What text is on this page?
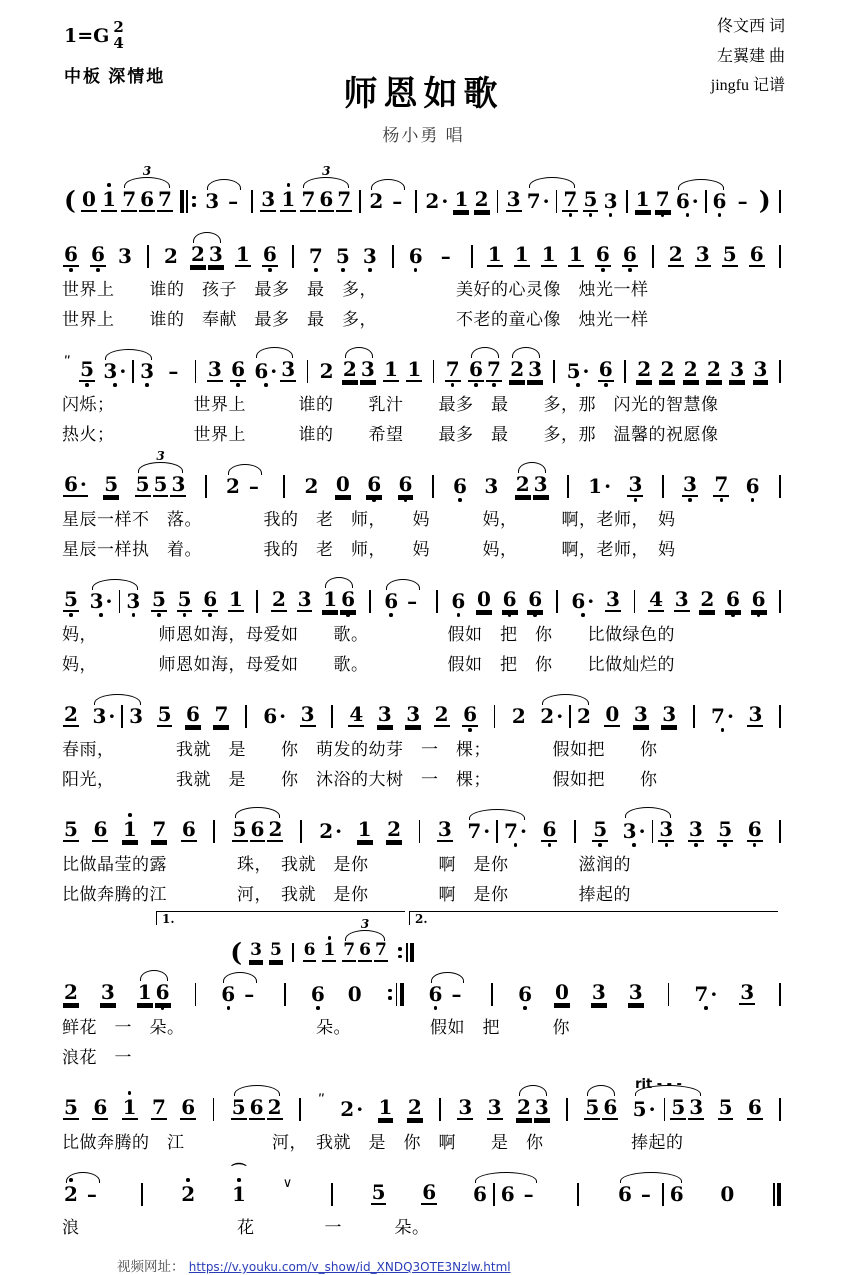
1=G 2
4
中板 深情地	师恩如歌
杨小勇 唱
佟文西 词
左翼建 曲
jingfu 记谱
( 0 1 7 6 7
3 3 –	3 1 7 6 7
3 2 –	2 · 1 2 3 7 · 7 5 3 1 7 6 · 6 – )
6 6 3 2 2 3 1 6 7 5 3 6 –	1 1 1 1 6 6 2 3 5 6
世界上　　谁的　孩子　最多　最　多，　　　　　美好的心灵像　烛光一样
世界上　　谁的　奉献　最多　最　多，　　　　　不老的童心像　烛光一样
ʺ 5 3 · 3 –	3 6 6 · 3 2 2 3 1 1 7 6 7 2 3 5 · 6 2 2 2 2 3 3
闪烁；　　　　　世界上　　　谁的　　乳汁　　最多　最　　多，那　闪光的智慧像
热火；　　　　　世界上　　　谁的　　希望　　最多　最　　多，那　温馨的祝愿像
6 · 5 5 5 3
3 2 –	2 0 6 6 6 3 2 3 1 · 3 3 7 6
星辰一样不　落。　　　　我的　老　师，　　妈　　　妈，　　　啊，老师，　妈
星辰一样执　着。　　　　我的　老　师，　　妈　　　妈，　　　啊，老师，　妈
5 3 · 3 5 5 6 1 2 3 1 6 6 –	6 0 6 6 6 · 3 4 3 2 6 6
妈，　　　　师恩如海，母爱如　　歌。　　　　　假如　把　你　　比做绿色的
妈，　　　　师恩如海，母爱如　　歌。　　　　　假如　把　你　　比做灿烂的
2 3 · 3 5 6 7 6 · 3 4 3 3 2 6 2 2 · 2 0 3 3 7 · 3
春雨，　　　　我就　是　　你　萌发的幼芽　一　棵；　　　　假如把　　你
阳光，　　　　我就　是　　你　沐浴的大树　一　棵；　　　　假如把　　你
5 6 1 7 6 5 6 2 2 · 1 2 3 7 · 7 · 6 5 3 · 3 3 5 6
比做晶莹的露　　　　珠，　我就　是你　　　　啊　是你　　　　滋润的
比做奔腾的江　　　　河，　我就　是你　　　　啊　是你　　　　捧起的
1.	2.
( 3 5 6 1 7 6 7
3
2 3 1 6	6 –	6 0	6 –	6 0 3 3	7 · 3
鲜花　一　朵。　　　　　　　　朵。　　　　　假如　把　　　你
浪花　一
5 6 1 7 6 5 6 2	ʺ 2 · 1 2 3 3 2 3 5 6 5 ·
rit - - -
5 3 5 6
比做奔腾的　江　　　　　河，　我就　是　你　啊　　是　你　　　　　捧起的
2 –	2 ⌒ 1	∨	5 6 6 6 –	6 – 6 0
浪　　　　　　　　　花　　　　一　　　朵。
视频网址： https://v.youku.com/v_show/id_XNDQ3OTE3Nzlw.html
